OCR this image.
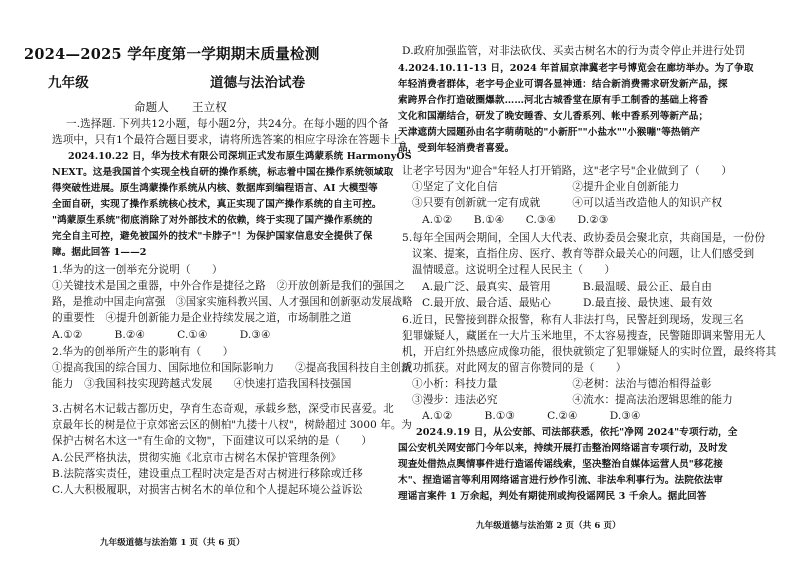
2024—2025 学年度第一学期期末质量检测
九年级	道德与法治试卷
命题人　　王立权
一.选择题. 下列共12小题，每小题2分，共24分。在每小题的四个备
选项中，只有1个最符合题目要求，请将所选答案的相应字母涂在答题卡上。
2024.10.22 日，华为技术有限公司深圳正式发布原生鸿蒙系统 HarmonyOS
NEXT。这是我国首个实现全栈自研的操作系统，标志着中国在操作系统领域取
得突破性进展。原生鸿蒙操作系统从内核、数据库到编程语言、AI 大模型等
全面自研，实现了操作系统核心技术，真正实现了国产操作系统的自主可控。
"鸿蒙原生系统"彻底消除了对外部技术的依赖，终于实现了国产操作系统的
完全自主可控，避免被国外的技术"卡脖子"！为保护国家信息安全提供了保
障。据此回答 1——2
1.华为的这一创举充分说明（　　）
①关键技术是国之重器，中外合作是捷径之路　②开放创新是我们的强国之
路，是推动中国走向富强　③国家实施科教兴国、人才强国和创新驱动发展战略
的重要性　④提升创新能力是企业持续发展之道，市场制胜之道
A.①②　　　B.②④　　　C.①④　　　D.③④
2.华为的创举所产生的影响有（　　）
①提高我国的综合国力、国际地位和国际影响力　　②提高我国科技自主创新
能力　③我国科技实现跨越式发展　　④快速打造我国科技强国
3.古树名木记载古都历史，孕育生态奇观，承载乡愁，深受市民喜爱。北
京最年长的树是位于京郊密云区的侧柏"九搂十八杈"，树龄超过 3000 年。为
保护古树名木这一"有生命的文物"，下面建议可以采纳的是（　　）
A.公民严格执法，贯彻实施《北京市古树名木保护管理条例》
B.法院落实责任，建设重点工程时决定是否对古树进行移除或迁移
C.人大积极履职，对损害古树名木的单位和个人提起环境公益诉讼
九年级道德与法治第 1 页（共 6 页）
D.政府加强监管，对非法砍伐、买卖古树名木的行为责令停止并进行处罚
4.2024.10.11-13 日，2024 年首届京津冀老字号博览会在廊坊举办。为了争取
年轻消费者群体，老字号企业可谓各显神通：结合新消费需求研发新产品，探
索跨界合作打造破圈爆款……河北古城香堂在原有手工制香的基础上将香
文化和国潮结合，研发了晚安睡香、女儿香系列、帐中香系列等新产品；
天津遮荫大园题孙由名字萌萌哒的"小新肝""小盐水""小猴嘣"等热销产
品，受到年轻消费者喜爱。
让老字号因为"迎合"年轻人打开销路，这"老字号"企业做到了（　　）
①坚定了文化自信　　　　　　　②提升企业自创新能力
③只要有创新就一定有成就　　　④可以适当改造他人的知识产权
A.①②　　B.①④　　C.③④　　D.②③
5.每年全国两会期间，全国人大代表、政协委员会聚北京，共商国是，一份份
议案、提案，直指住房、医疗、教育等群众最关心的问题，让人们感受到
温情暖意。这说明全过程人民民主（　　）
A.最广泛、最真实、最管用　　　B.最温暖、最公正、最自由
C.最开放、最合适、最贴心　　　D.最直接、最快速、最有效
6.近日，民警接到群众报警，称有人非法打鸟，民警赶到现场，发现三名
犯罪嫌疑人，藏匿在一大片玉米地里，不太容易搜查，民警随即调来警用无人
机，开启红外热感应成像功能，很快就锁定了犯罪嫌疑人的实时位置，最终将其
成功抓获。对此网友的留言你赞同的是（　　）
①小析：科技力量　　　　　　　②老树：法治与德治相得益彰
③漫步：违法必究　　　　　　　④流水：提高法治逻辑思维的能力
A.①②　　　B.①③　　　C.②④　　　D.③④
2024.9.19 日，从公安部、司法部获悉，依托"净网 2024"专项行动，全
国公安机关网安部门今年以来，持续开展打击整治网络谣言专项行动，及时发
现查处借热点舆情事件进行造谣传谣线索，坚决整治自媒体运营人员"移花接
木"、捏造谣言等利用网络谣言进行炒作引流、非法牟利事行为。法院依法审
理谣言案件 1 万余起，判处有期徒刑或拘役谣网民 3 千余人。据此回答
九年级道德与法治第 2 页（共 6 页）
